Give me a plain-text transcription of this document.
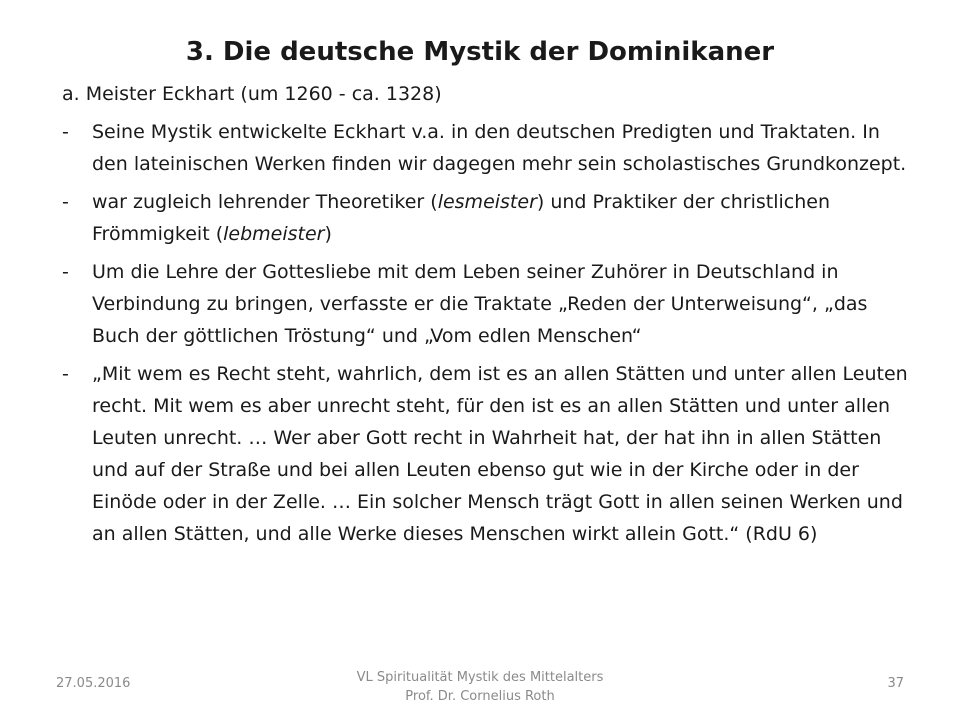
3. Die deutsche Mystik der Dominikaner
a. Meister Eckhart (um 1260 - ca. 1328)
-	Seine Mystik entwickelte Eckhart v.a. in den deutschen Predigten und Traktaten. In den lateinischen Werken finden wir dagegen mehr sein scholastisches Grundkonzept.
-	war zugleich lehrender Theoretiker (lesmeister) und Praktiker der christlichen Frömmigkeit (lebmeister)
-	Um die Lehre der Gottesliebe mit dem Leben seiner Zuhörer in Deutschland in Verbindung zu bringen, verfasste er die Traktate „Reden der Unterweisung“, „das Buch der göttlichen Tröstung“ und „Vom edlen Menschen“
-	„Mit wem es Recht steht, wahrlich, dem ist es an allen Stätten und unter allen Leuten recht. Mit wem es aber unrecht steht, für den ist es an allen Stätten und unter allen Leuten unrecht. … Wer aber Gott recht in Wahrheit hat, der hat ihn in allen Stätten und auf der Straße und bei allen Leuten ebenso gut wie in der Kirche oder in der Einöde oder in der Zelle. … Ein solcher Mensch trägt Gott in allen seinen Werken und an allen Stätten, und alle Werke dieses Menschen wirkt allein Gott.“ (RdU 6)
27.05.2016	VL Spiritualität Mystik des Mittelalters
Prof. Dr. Cornelius Roth
37
